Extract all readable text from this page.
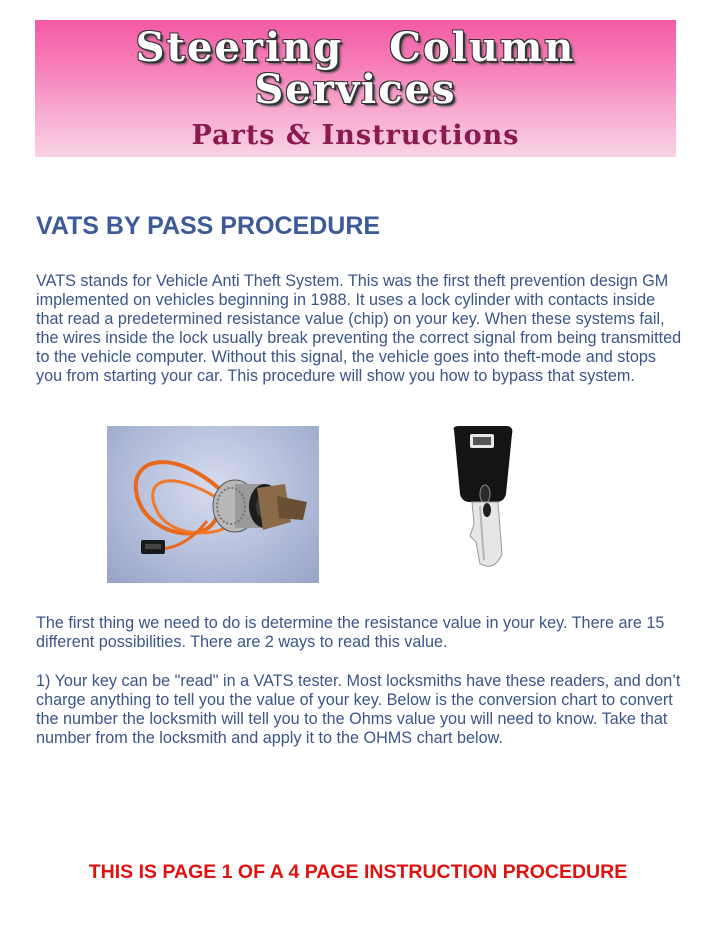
Steering Column
Services
Parts & Instructions
VATS BY PASS PROCEDURE

VATS stands for Vehicle Anti Theft System. This was the first theft prevention design GM implemented on vehicles beginning in 1988. It uses a lock cylinder with contacts inside that read a predetermined resistance value (chip) on your key. When these systems fail, the wires inside the lock usually break preventing the correct signal from being transmitted to the vehicle computer. Without this signal, the vehicle goes into theft-mode and stops you from starting your car. This procedure will show you how to bypass that system.

The first thing we need to do is determine the resistance value in your key. There are 15 different possibilities. There are 2 ways to read this value.

1) Your key can be "read" in a VATS tester. Most locksmiths have these readers, and don’t charge anything to tell you the value of your key. Below is the conversion chart to convert the number the locksmith will tell you to the Ohms value you will need to know. Take that number from the locksmith and apply it to the OHMS chart below.

THIS IS PAGE 1 OF A 4 PAGE INSTRUCTION PROCEDURE
